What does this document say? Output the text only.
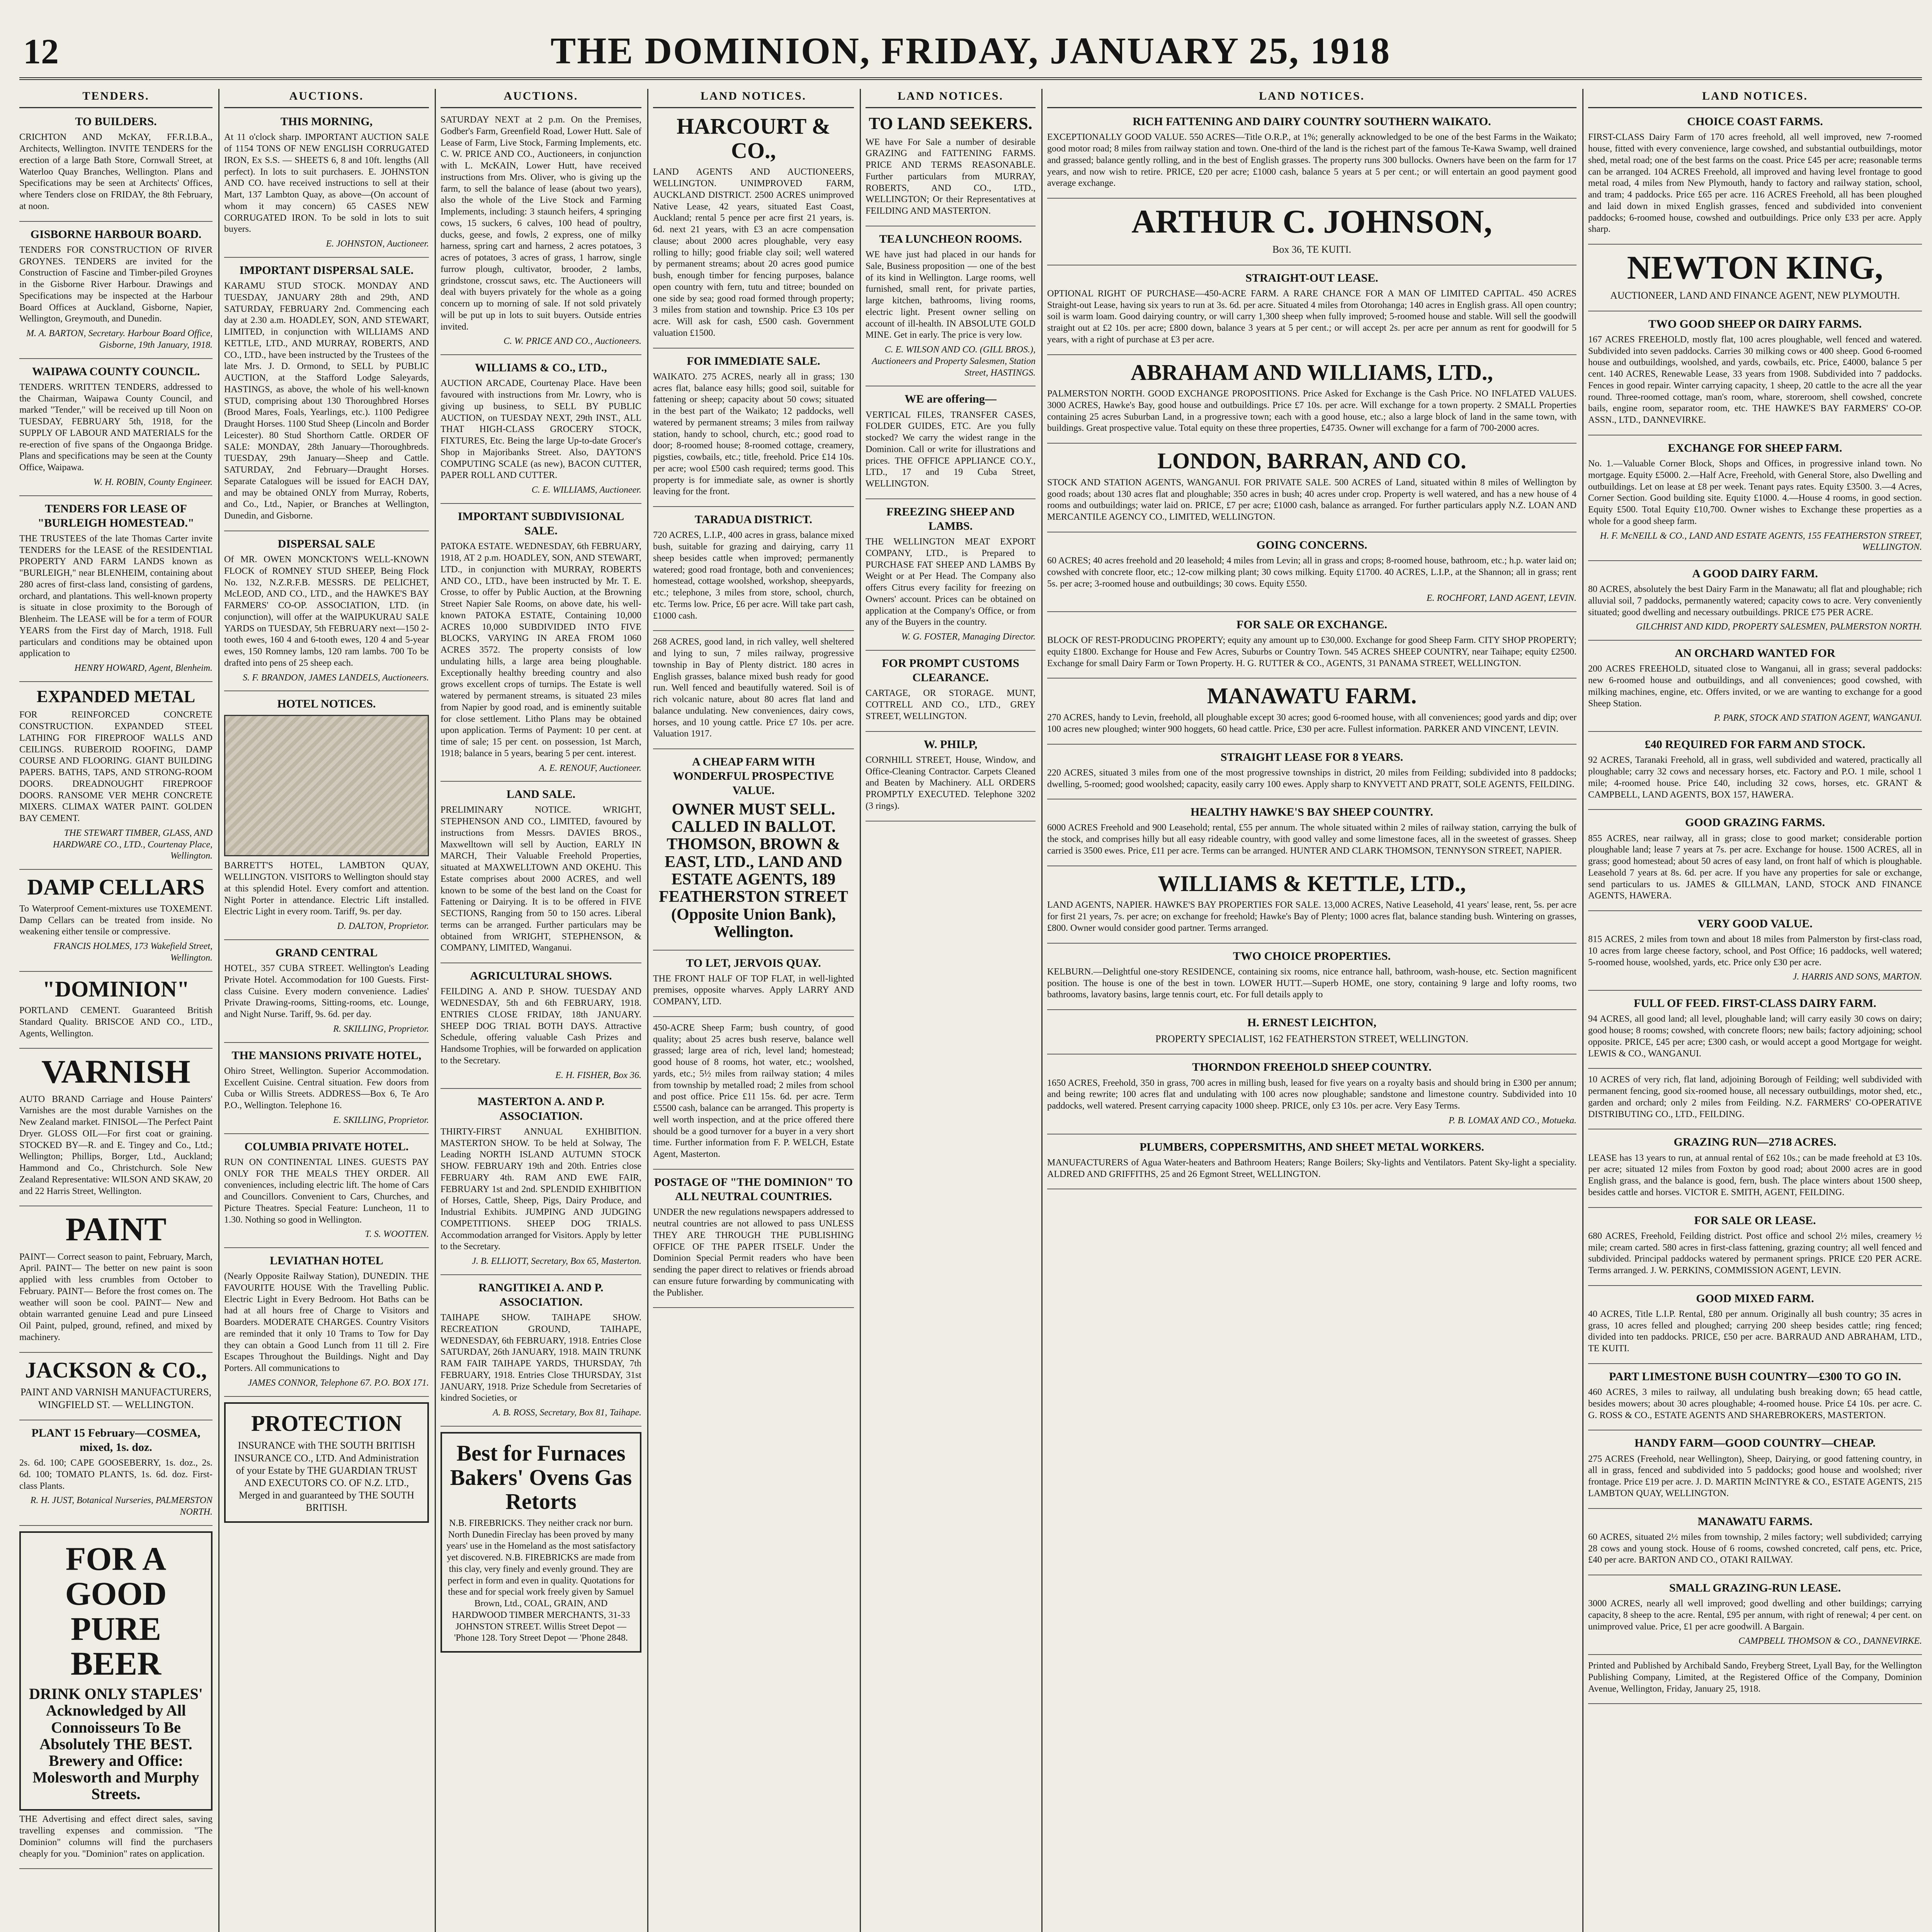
12	THE DOMINION, FRIDAY, JANUARY 25, 1918
TENDERS.
TO BUILDERS.

CRICHTON AND McKAY, FF.R.I.B.A., Architects, Wellington. INVITE TENDERS for the erection of a large Bath Store, Cornwall Street, at Waterloo Quay Branches, Wellington. Plans and Specifications may be seen at Architects' Offices, where Tenders close on FRIDAY, the 8th February, at noon.

GISBORNE HARBOUR BOARD.

TENDERS FOR CONSTRUCTION OF RIVER GROYNES. TENDERS are invited for the Construction of Fascine and Timber-piled Groynes in the Gisborne River Harbour. Drawings and Specifications may be inspected at the Harbour Board Offices at Auckland, Gisborne, Napier, Wellington, Greymouth, and Dunedin.

M. A. BARTON, Secretary. Harbour Board Office, Gisborne, 19th January, 1918.
WAIPAWA COUNTY COUNCIL.

TENDERS. WRITTEN TENDERS, addressed to the Chairman, Waipawa County Council, and marked "Tender," will be received up till Noon on TUESDAY, FEBRUARY 5th, 1918, for the SUPPLY OF LABOUR AND MATERIALS for the re-erection of five spans of the Ongaonga Bridge. Plans and specifications may be seen at the County Office, Waipawa.

W. H. ROBIN, County Engineer.
TENDERS FOR LEASE OF "BURLEIGH HOMESTEAD."

THE TRUSTEES of the late Thomas Carter invite TENDERS for the LEASE of the RESIDENTIAL PROPERTY AND FARM LANDS known as "BURLEIGH," near BLENHEIM, containing about 280 acres of first-class land, consisting of gardens, orchard, and plantations. This well-known property is situate in close proximity to the Borough of Blenheim. The LEASE will be for a term of FOUR YEARS from the First day of March, 1918. Full particulars and conditions may be obtained upon application to

HENRY HOWARD, Agent, Blenheim.
EXPANDED METAL

FOR REINFORCED CONCRETE CONSTRUCTION. EXPANDED STEEL LATHING FOR FIREPROOF WALLS AND CEILINGS. RUBEROID ROOFING, DAMP COURSE AND FLOORING. GIANT BUILDING PAPERS. BATHS, TAPS, AND STRONG-ROOM DOORS. DREADNOUGHT FIREPROOF DOORS. RANSOME VER MEHR CONCRETE MIXERS. CLIMAX WATER PAINT. GOLDEN BAY CEMENT.

THE STEWART TIMBER, GLASS, AND HARDWARE CO., LTD., Courtenay Place, Wellington.
DAMP CELLARS

To Waterproof Cement-mixtures use TOXEMENT. Damp Cellars can be treated from inside. No weakening either tensile or compressive.

FRANCIS HOLMES, 173 Wakefield Street, Wellington.
"DOMINION"

PORTLAND CEMENT. Guaranteed British Standard Quality. BRISCOE AND CO., LTD., Agents, Wellington.

VARNISH

AUTO BRAND Carriage and House Painters' Varnishes are the most durable Varnishes on the New Zealand market. FINISOL—The Perfect Paint Dryer. GLOSS OIL—For first coat or graining. STOCKED BY—R. and E. Tingey and Co., Ltd.; Wellington; Phillips, Borger, Ltd., Auckland; Hammond and Co., Christchurch. Sole New Zealand Representative: WILSON AND SKAW, 20 and 22 Harris Street, Wellington.

PAINT

PAINT— Correct season to paint, February, March, April. PAINT— The better on new paint is soon applied with less crumbles from October to February. PAINT— Before the frost comes on. The weather will soon be cool. PAINT— New and obtain warranted genuine Lead and pure Linseed Oil Paint, pulped, ground, refined, and mixed by machinery.

JACKSON & CO.,

PAINT AND VARNISH MANUFACTURERS, WINGFIELD ST. — WELLINGTON.

PLANT 15 February—COSMEA, mixed, 1s. doz.

2s. 6d. 100; CAPE GOOSEBERRY, 1s. doz., 2s. 6d. 100; TOMATO PLANTS, 1s. 6d. doz. First-class Plants.

R. H. JUST, Botanical Nurseries, PALMERSTON NORTH.
FOR A GOOD PURE BEER

DRINK ONLY STAPLES' Acknowledged by All Connoisseurs To Be Absolutely THE BEST. Brewery and Office: Molesworth and Murphy Streets.

THE Advertising and effect direct sales, saving travelling expenses and commission. "The Dominion" columns will find the purchasers cheaply for you. "Dominion" rates on application.

AUCTIONS.
THIS MORNING,

At 11 o'clock sharp. IMPORTANT AUCTION SALE of 1154 TONS OF NEW ENGLISH CORRUGATED IRON, Ex S.S. — SHEETS 6, 8 and 10ft. lengths (All perfect). In lots to suit purchasers. E. JOHNSTON AND CO. have received instructions to sell at their Mart, 137 Lambton Quay, as above—(On account of whom it may concern) 65 CASES NEW CORRUGATED IRON. To be sold in lots to suit buyers.

E. JOHNSTON, Auctioneer.
IMPORTANT DISPERSAL SALE.

KARAMU STUD STOCK. MONDAY AND TUESDAY, JANUARY 28th and 29th, AND SATURDAY, FEBRUARY 2nd. Commencing each day at 2.30 a.m. HOADLEY, SON, AND STEWART, LIMITED, in conjunction with WILLIAMS AND KETTLE, LTD., AND MURRAY, ROBERTS, AND CO., LTD., have been instructed by the Trustees of the late Mrs. J. D. Ormond, to SELL by PUBLIC AUCTION, at the Stafford Lodge Saleyards, HASTINGS, as above, the whole of his well-known STUD, comprising about 130 Thoroughbred Horses (Brood Mares, Foals, Yearlings, etc.). 1100 Pedigree Draught Horses. 1100 Stud Sheep (Lincoln and Border Leicester). 80 Stud Shorthorn Cattle. ORDER OF SALE: MONDAY, 28th January—Thoroughbreds. TUESDAY, 29th January—Sheep and Cattle. SATURDAY, 2nd February—Draught Horses. Separate Catalogues will be issued for EACH DAY, and may be obtained ONLY from Murray, Roberts, and Co., Ltd., Napier, or Branches at Wellington, Dunedin, and Gisborne.

DISPERSAL SALE

Of MR. OWEN MONCKTON'S WELL-KNOWN FLOCK of ROMNEY STUD SHEEP, Being Flock No. 132, N.Z.R.F.B. MESSRS. DE PELICHET, McLEOD, AND CO., LTD., and the HAWKE'S BAY FARMERS' CO-OP. ASSOCIATION, LTD. (in conjunction), will offer at the WAIPUKURAU SALE YARDS on TUESDAY, 5th FEBRUARY next—150 2-tooth ewes, 160 4 and 6-tooth ewes, 120 4 and 5-year ewes, 150 Romney lambs, 120 ram lambs. 700 To be drafted into pens of 25 sheep each.

S. F. BRANDON, JAMES LANDELS, Auctioneers.
HOTEL NOTICES.

BARRETT'S HOTEL, LAMBTON QUAY, WELLINGTON. VISITORS to Wellington should stay at this splendid Hotel. Every comfort and attention. Night Porter in attendance. Electric Lift installed. Electric Light in every room. Tariff, 9s. per day.

D. DALTON, Proprietor.
GRAND CENTRAL

HOTEL, 357 CUBA STREET. Wellington's Leading Private Hotel. Accommodation for 100 Guests. First-class Cuisine. Every modern convenience. Ladies' Private Drawing-rooms, Sitting-rooms, etc. Lounge, and Night Nurse. Tariff, 9s. 6d. per day.

R. SKILLING, Proprietor.
THE MANSIONS PRIVATE HOTEL,

Ohiro Street, Wellington. Superior Accommodation. Excellent Cuisine. Central situation. Few doors from Cuba or Willis Streets. ADDRESS—Box 6, Te Aro P.O., Wellington. Telephone 16.

E. SKILLING, Proprietor.
COLUMBIA PRIVATE HOTEL.

RUN ON CONTINENTAL LINES. GUESTS PAY ONLY FOR THE MEALS THEY ORDER. All conveniences, including electric lift. The home of Cars and Councillors. Convenient to Cars, Churches, and Picture Theatres. Special Feature: Luncheon, 11 to 1.30. Nothing so good in Wellington.

T. S. WOOTTEN.
LEVIATHAN HOTEL

(Nearly Opposite Railway Station), DUNEDIN. THE FAVOURITE HOUSE With the Travelling Public. Electric Light in Every Bedroom. Hot Baths can be had at all hours free of Charge to Visitors and Boarders. MODERATE CHARGES. Country Visitors are reminded that it only 10 Trams to Tow for Day they can obtain a Good Lunch from 11 till 2. Fire Escapes Throughout the Buildings. Night and Day Porters. All communications to

JAMES CONNOR, Telephone 67. P.O. BOX 171.
PROTECTION

INSURANCE with THE SOUTH BRITISH INSURANCE CO., LTD. And Administration of your Estate by THE GUARDIAN TRUST AND EXECUTORS CO. OF N.Z. LTD., Merged in and guaranteed by THE SOUTH BRITISH.

AUCTIONS.

SATURDAY NEXT at 2 p.m. On the Premises, Godber's Farm, Greenfield Road, Lower Hutt. Sale of Lease of Farm, Live Stock, Farming Implements, etc. C. W. PRICE AND CO., Auctioneers, in conjunction with L. McKAIN, Lower Hutt, have received instructions from Mrs. Oliver, who is giving up the farm, to sell the balance of lease (about two years), also the whole of the Live Stock and Farming Implements, including: 3 staunch heifers, 4 springing cows, 15 suckers, 6 calves, 100 head of poultry, ducks, geese, and fowls, 2 express, one of milky harness, spring cart and harness, 2 acres potatoes, 3 acres of potatoes, 3 acres of grass, 1 harrow, single furrow plough, cultivator, brooder, 2 lambs, grindstone, crosscut saws, etc. The Auctioneers will deal with buyers privately for the whole as a going concern up to morning of sale. If not sold privately will be put up in lots to suit buyers. Outside entries invited.

C. W. PRICE AND CO., Auctioneers.
WILLIAMS & CO., LTD.,

AUCTION ARCADE, Courtenay Place. Have been favoured with instructions from Mr. Lowry, who is giving up business, to SELL BY PUBLIC AUCTION, on TUESDAY NEXT, 29th INST., ALL THAT HIGH-CLASS GROCERY STOCK, FIXTURES, Etc. Being the large Up-to-date Grocer's Shop in Majoribanks Street. Also, DAYTON'S COMPUTING SCALE (as new), BACON CUTTER, PAPER ROLL AND CUTTER.

C. E. WILLIAMS, Auctioneer.
IMPORTANT SUBDIVISIONAL SALE.

PATOKA ESTATE. WEDNESDAY, 6th FEBRUARY, 1918, AT 2 p.m. HOADLEY, SON, AND STEWART, LTD., in conjunction with MURRAY, ROBERTS AND CO., LTD., have been instructed by Mr. T. E. Crosse, to offer by Public Auction, at the Browning Street Napier Sale Rooms, on above date, his well-known PATOKA ESTATE, Containing 10,000 ACRES 10,000 SUBDIVIDED INTO FIVE BLOCKS, VARYING IN AREA FROM 1060 ACRES 3572. The property consists of low undulating hills, a large area being ploughable. Exceptionally healthy breeding country and also grows excellent crops of turnips. The Estate is well watered by permanent streams, is situated 23 miles from Napier by good road, and is eminently suitable for close settlement. Litho Plans may be obtained upon application. Terms of Payment: 10 per cent. at time of sale; 15 per cent. on possession, 1st March, 1918; balance in 5 years, bearing 5 per cent. interest.

A. E. RENOUF, Auctioneer.
LAND SALE.

PRELIMINARY NOTICE. WRIGHT, STEPHENSON AND CO., LIMITED, favoured by instructions from Messrs. DAVIES BROS., Maxwelltown will sell by Auction, EARLY IN MARCH, Their Valuable Freehold Properties, situated at MAXWELLTOWN AND OKEHU. This Estate comprises about 2000 ACRES, and well known to be some of the best land on the Coast for Fattening or Dairying. It is to be offered in FIVE SECTIONS, Ranging from 50 to 150 acres. Liberal terms can be arranged. Further particulars may be obtained from WRIGHT, STEPHENSON, & COMPANY, LIMITED, Wanganui.

AGRICULTURAL SHOWS.

FEILDING A. AND P. SHOW. TUESDAY AND WEDNESDAY, 5th and 6th FEBRUARY, 1918. ENTRIES CLOSE FRIDAY, 18th JANUARY. SHEEP DOG TRIAL BOTH DAYS. Attractive Schedule, offering valuable Cash Prizes and Handsome Trophies, will be forwarded on application to the Secretary.

E. H. FISHER, Box 36.
MASTERTON A. AND P. ASSOCIATION.

THIRTY-FIRST ANNUAL EXHIBITION. MASTERTON SHOW. To be held at Solway, The Leading NORTH ISLAND AUTUMN STOCK SHOW. FEBRUARY 19th and 20th. Entries close FEBRUARY 4th. RAM AND EWE FAIR, FEBRUARY 1st and 2nd. SPLENDID EXHIBITION of Horses, Cattle, Sheep, Pigs, Dairy Produce, and Industrial Exhibits. JUMPING AND JUDGING COMPETITIONS. SHEEP DOG TRIALS. Accommodation arranged for Visitors. Apply by letter to the Secretary.

J. B. ELLIOTT, Secretary, Box 65, Masterton.
RANGITIKEI A. AND P. ASSOCIATION.

TAIHAPE SHOW. TAIHAPE SHOW. RECREATION GROUND, TAIHAPE, WEDNESDAY, 6th FEBRUARY, 1918. Entries Close SATURDAY, 26th JANUARY, 1918. MAIN TRUNK RAM FAIR TAIHAPE YARDS, THURSDAY, 7th FEBRUARY, 1918. Entries Close THURSDAY, 31st JANUARY, 1918. Prize Schedule from Secretaries of kindred Societies, or

A. B. ROSS, Secretary, Box 81, Taihape.
Best for Furnaces Bakers' Ovens Gas Retorts

N.B. FIREBRICKS. They neither crack nor burn. North Dunedin Fireclay has been proved by many years' use in the Homeland as the most satisfactory yet discovered. N.B. FIREBRICKS are made from this clay, very finely and evenly ground. They are perfect in form and even in quality. Quotations for these and for special work freely given by Samuel Brown, Ltd., COAL, GRAIN, AND HARDWOOD TIMBER MERCHANTS, 31-33 JOHNSTON STREET. Willis Street Depot — 'Phone 128. Tory Street Depot — 'Phone 2848.

LAND NOTICES.
HARCOURT & CO.,

LAND AGENTS AND AUCTIONEERS, WELLINGTON. UNIMPROVED FARM, AUCKLAND DISTRICT. 2500 ACRES unimproved Native Lease, 42 years, situated East Coast, Auckland; rental 5 pence per acre first 21 years, is. 6d. next 21 years, with £3 an acre compensation clause; about 2000 acres ploughable, very easy rolling to hilly; good friable clay soil; well watered by permanent streams; about 20 acres good pumice bush, enough timber for fencing purposes, balance open country with fern, tutu and titree; bounded on one side by sea; good road formed through property; 3 miles from station and township. Price £3 10s per acre. Will ask for cash, £500 cash. Government valuation £1500.

FOR IMMEDIATE SALE.

WAIKATO. 275 ACRES, nearly all in grass; 130 acres flat, balance easy hills; good soil, suitable for fattening or sheep; capacity about 50 cows; situated in the best part of the Waikato; 12 paddocks, well watered by permanent streams; 3 miles from railway station, handy to school, church, etc.; good road to door; 8-roomed house; 8-roomed cottage, creamery, pigsties, cowbails, etc.; title, freehold. Price £14 10s. per acre; wool £500 cash required; terms good. This property is for immediate sale, as owner is shortly leaving for the front.

TARADUA DISTRICT.

720 ACRES, L.I.P., 400 acres in grass, balance mixed bush, suitable for grazing and dairying, carry 11 sheep besides cattle when improved; permanently watered; good road frontage, both and conveniences; homestead, cottage woolshed, workshop, sheepyards, etc.; telephone, 3 miles from store, school, church, etc. Terms low. Price, £6 per acre. Will take part cash, £1000 cash.

268 ACRES, good land, in rich valley, well sheltered and lying to sun, 7 miles railway, progressive township in Bay of Plenty district. 180 acres in English grasses, balance mixed bush ready for good run. Well fenced and beautifully watered. Soil is of rich volcanic nature, about 80 acres flat land and balance undulating. New conveniences, dairy cows, horses, and 10 young cattle. Price £7 10s. per acre. Valuation 1917.

A CHEAP FARM WITH WONDERFUL PROSPECTIVE VALUE.

OWNER MUST SELL. CALLED IN BALLOT. THOMSON, BROWN & EAST, LTD., LAND AND ESTATE AGENTS, 189 FEATHERSTON STREET (Opposite Union Bank), Wellington.

TO LET, JERVOIS QUAY.

THE FRONT HALF OF TOP FLAT, in well-lighted premises, opposite wharves. Apply LARRY AND COMPANY, LTD.

450-ACRE Sheep Farm; bush country, of good quality; about 25 acres bush reserve, balance well grassed; large area of rich, level land; homestead; good house of 8 rooms, hot water, etc.; woolshed, yards, etc.; 5½ miles from railway station; 4 miles from township by metalled road; 2 miles from school and post office. Price £11 15s. 6d. per acre. Term £5500 cash, balance can be arranged. This property is well worth inspection, and at the price offered there should be a good turnover for a buyer in a very short time. Further information from F. P. WELCH, Estate Agent, Masterton.

POSTAGE OF "THE DOMINION" TO ALL NEUTRAL COUNTRIES.

UNDER the new regulations newspapers addressed to neutral countries are not allowed to pass UNLESS THEY ARE THROUGH THE PUBLISHING OFFICE OF THE PAPER ITSELF. Under the Dominion Special Permit readers who have been sending the paper direct to relatives or friends abroad can ensure future forwarding by communicating with the Publisher.

LAND NOTICES.
TO LAND SEEKERS.

WE have For Sale a number of desirable GRAZING and FATTENING FARMS. PRICE AND TERMS REASONABLE. Further particulars from MURRAY, ROBERTS, AND CO., LTD., WELLINGTON; Or their Representatives at FEILDING AND MASTERTON.

TEA LUNCHEON ROOMS.

WE have just had placed in our hands for Sale, Business proposition — one of the best of its kind in Wellington. Large rooms, well furnished, small rent, for private parties, large kitchen, bathrooms, living rooms, electric light. Present owner selling on account of ill-health. IN ABSOLUTE GOLD MINE. Get in early. The price is very low.

C. E. WILSON AND CO. (GILL BROS.), Auctioneers and Property Salesmen, Station Street, HASTINGS.
WE are offering—

VERTICAL FILES, TRANSFER CASES, FOLDER GUIDES, ETC. Are you fully stocked? We carry the widest range in the Dominion. Call or write for illustrations and prices. THE OFFICE APPLIANCE CO.Y., LTD., 17 and 19 Cuba Street, WELLINGTON.

FREEZING SHEEP AND LAMBS.

THE WELLINGTON MEAT EXPORT COMPANY, LTD., is Prepared to PURCHASE FAT SHEEP AND LAMBS By Weight or at Per Head. The Company also offers Citrus every facility for freezing on Owners' account. Prices can be obtained on application at the Company's Office, or from any of the Buyers in the country.

W. G. FOSTER, Managing Director.
FOR PROMPT CUSTOMS CLEARANCE.

CARTAGE, OR STORAGE. MUNT, COTTRELL AND CO., LTD., GREY STREET, WELLINGTON.

W. PHILP,

CORNHILL STREET, House, Window, and Office-Cleaning Contractor. Carpets Cleaned and Beaten by Machinery. ALL ORDERS PROMPTLY EXECUTED. Telephone 3202 (3 rings).

LAND NOTICES.
RICH FATTENING AND DAIRY COUNTRY SOUTHERN WAIKATO.

EXCEPTIONALLY GOOD VALUE. 550 ACRES—Title O.R.P., at 1%; generally acknowledged to be one of the best Farms in the Waikato; good motor road; 8 miles from railway station and town. One-third of the land is the richest part of the famous Te-Kawa Swamp, well drained and grassed; balance gently rolling, and in the best of English grasses. The property runs 300 bullocks. Owners have been on the farm for 17 years, and now wish to retire. PRICE, £20 per acre; £1000 cash, balance 5 years at 5 per cent.; or will entertain an good payment good average exchange.

ARTHUR C. JOHNSON,

Box 36, TE KUITI.

STRAIGHT-OUT LEASE.

OPTIONAL RIGHT OF PURCHASE—450-ACRE FARM. A RARE CHANCE FOR A MAN OF LIMITED CAPITAL. 450 ACRES Straight-out Lease, having six years to run at 3s. 6d. per acre. Situated 4 miles from Otorohanga; 140 acres in English grass. All open country; soil is warm loam. Good dairying country, or will carry 1,300 sheep when fully improved; 5-roomed house and stable. Will sell the goodwill straight out at £2 10s. per acre; £800 down, balance 3 years at 5 per cent.; or will accept 2s. per acre per annum as rent for goodwill for 5 years, with a right of purchase at £3 per acre.

ABRAHAM AND WILLIAMS, LTD.,

PALMERSTON NORTH. GOOD EXCHANGE PROPOSITIONS. Price Asked for Exchange is the Cash Price. NO INFLATED VALUES. 3000 ACRES, Hawke's Bay, good house and outbuildings. Price £7 10s. per acre. Will exchange for a town property. 2 SMALL Properties containing 25 acres Suburban Land, in a progressive town; each with a good house, etc.; also a large block of land in the same town, with buildings. Great prospective value. Total equity on these three properties, £4735. Owner will exchange for a farm of 700-2000 acres.

LONDON, BARRAN, AND CO.

STOCK AND STATION AGENTS, WANGANUI. FOR PRIVATE SALE. 500 ACRES of Land, situated within 8 miles of Wellington by good roads; about 130 acres flat and ploughable; 350 acres in bush; 40 acres under crop. Property is well watered, and has a new house of 4 rooms and outbuildings; water laid on. PRICE, £7 per acre; £1000 cash, balance as arranged. For further particulars apply N.Z. LOAN AND MERCANTILE AGENCY CO., LIMITED, WELLINGTON.

GOING CONCERNS.

60 ACRES; 40 acres freehold and 20 leasehold; 4 miles from Levin; all in grass and crops; 8-roomed house, bathroom, etc.; h.p. water laid on; cowshed with concrete floor, etc.; 12-cow milking plant; 30 cows milking. Equity £1700. 40 ACRES, L.I.P., at the Shannon; all in grass; rent 5s. per acre; 3-roomed house and outbuildings; 30 cows. Equity £550.

E. ROCHFORT, LAND AGENT, LEVIN.
FOR SALE OR EXCHANGE.

BLOCK OF REST-PRODUCING PROPERTY; equity any amount up to £30,000. Exchange for good Sheep Farm. CITY SHOP PROPERTY; equity £1800. Exchange for House and Few Acres, Suburbs or Country Town. 545 ACRES SHEEP COUNTRY, near Taihape; equity £2500. Exchange for small Dairy Farm or Town Property. H. G. RUTTER & CO., AGENTS, 31 PANAMA STREET, WELLINGTON.

MANAWATU FARM.

270 ACRES, handy to Levin, freehold, all ploughable except 30 acres; good 6-roomed house, with all conveniences; good yards and dip; over 100 acres new ploughed; winter 900 hoggets, 60 head cattle. Price, £30 per acre. Fullest information. PARKER AND VINCENT, LEVIN.

STRAIGHT LEASE FOR 8 YEARS.

220 ACRES, situated 3 miles from one of the most progressive townships in district, 20 miles from Feilding; subdivided into 8 paddocks; dwelling, 5-roomed; good woolshed; capacity, easily carry 100 ewes. Apply sharp to KNYVETT AND PRATT, SOLE AGENTS, FEILDING.

HEALTHY HAWKE'S BAY SHEEP COUNTRY.

6000 ACRES Freehold and 900 Leasehold; rental, £55 per annum. The whole situated within 2 miles of railway station, carrying the bulk of the stock, and comprises hilly but all easy rideable country, with good valley and some limestone faces, all in the sweetest of grasses. Sheep carried is 3500 ewes. Price, £11 per acre. Terms can be arranged. HUNTER AND CLARK THOMSON, TENNYSON STREET, NAPIER.

WILLIAMS & KETTLE, LTD.,

LAND AGENTS, NAPIER. HAWKE'S BAY PROPERTIES FOR SALE. 13,000 ACRES, Native Leasehold, 41 years' lease, rent, 5s. per acre for first 21 years, 7s. per acre; on exchange for freehold; Hawke's Bay of Plenty; 1000 acres flat, balance standing bush. Wintering on grasses, £800. Owner would consider good partner. Terms arranged.

TWO CHOICE PROPERTIES.

KELBURN.—Delightful one-story RESIDENCE, containing six rooms, nice entrance hall, bathroom, wash-house, etc. Section magnificent position. The house is one of the best in town. LOWER HUTT.—Superb HOME, one story, containing 9 large and lofty rooms, two bathrooms, lavatory basins, large tennis court, etc. For full details apply to

H. ERNEST LEICHTON,

PROPERTY SPECIALIST, 162 FEATHERSTON STREET, WELLINGTON.

THORNDON FREEHOLD SHEEP COUNTRY.

1650 ACRES, Freehold, 350 in grass, 700 acres in milling bush, leased for five years on a royalty basis and should bring in £300 per annum; and being rewrite; 100 acres flat and undulating with 100 acres now ploughable; sandstone and limestone country. Subdivided into 10 paddocks, well watered. Present carrying capacity 1000 sheep. PRICE, only £3 10s. per acre. Very Easy Terms.

P. B. LOMAX AND CO., Motueka.
PLUMBERS, COPPERSMITHS, AND SHEET METAL WORKERS.

MANUFACTURERS of Agua Water-heaters and Bathroom Heaters; Range Boilers; Sky-lights and Ventilators. Patent Sky-light a speciality. ALDRED AND GRIFFITHS, 25 and 26 Egmont Street, WELLINGTON.

LAND NOTICES.
CHOICE COAST FARMS.

FIRST-CLASS Dairy Farm of 170 acres freehold, all well improved, new 7-roomed house, fitted with every convenience, large cowshed, and substantial outbuildings, motor shed, metal road; one of the best farms on the coast. Price £45 per acre; reasonable terms can be arranged. 104 ACRES Freehold, all improved and having level frontage to good metal road, 4 miles from New Plymouth, handy to factory and railway station, school, and tram; 4 paddocks. Price £65 per acre. 116 ACRES Freehold, all has been ploughed and laid down in mixed English grasses, fenced and subdivided into convenient paddocks; 6-roomed house, cowshed and outbuildings. Price only £33 per acre. Apply sharp.

NEWTON KING,

AUCTIONEER, LAND AND FINANCE AGENT, NEW PLYMOUTH.

TWO GOOD SHEEP OR DAIRY FARMS.

167 ACRES FREEHOLD, mostly flat, 100 acres ploughable, well fenced and watered. Subdivided into seven paddocks. Carries 30 milking cows or 400 sheep. Good 6-roomed house and outbuildings, woolshed, and yards, cowbails, etc. Price, £4000, balance 5 per cent. 140 ACRES, Renewable Lease, 33 years from 1908. Subdivided into 7 paddocks. Fences in good repair. Winter carrying capacity, 1 sheep, 20 cattle to the acre all the year round. Three-roomed cottage, man's room, whare, storeroom, shell cowshed, concrete bails, engine room, separator room, etc. THE HAWKE'S BAY FARMERS' CO-OP. ASSN., LTD., DANNEVIRKE.

EXCHANGE FOR SHEEP FARM.

No. 1.—Valuable Corner Block, Shops and Offices, in progressive inland town. No mortgage. Equity £5000. 2.—Half Acre, Freehold, with General Store, also Dwelling and outbuildings. Let on lease at £8 per week. Tenant pays rates. Equity £3500. 3.—4 Acres, Corner Section. Good building site. Equity £1000. 4.—House 4 rooms, in good section. Equity £500. Total Equity £10,700. Owner wishes to Exchange these properties as a whole for a good sheep farm.

H. F. McNEILL & CO., LAND AND ESTATE AGENTS, 155 FEATHERSTON STREET, WELLINGTON.
A GOOD DAIRY FARM.

80 ACRES, absolutely the best Dairy Farm in the Manawatu; all flat and ploughable; rich alluvial soil, 7 paddocks, permanently watered; capacity cows to acre. Very conveniently situated; good dwelling and necessary outbuildings. PRICE £75 PER ACRE.

GILCHRIST AND KIDD, PROPERTY SALESMEN, PALMERSTON NORTH.
AN ORCHARD WANTED FOR

200 ACRES FREEHOLD, situated close to Wanganui, all in grass; several paddocks: new 6-roomed house and outbuildings, and all conveniences; good cowshed, with milking machines, engine, etc. Offers invited, or we are wanting to exchange for a good Sheep Station.

P. PARK, STOCK AND STATION AGENT, WANGANUI.
£40 REQUIRED FOR FARM AND STOCK.

92 ACRES, Taranaki Freehold, all in grass, well subdivided and watered, practically all ploughable; carry 32 cows and necessary horses, etc. Factory and P.O. 1 mile, school 1 mile; 4-roomed house. Price £40, including 32 cows, horses, etc. GRANT & CAMPBELL, LAND AGENTS, BOX 157, HAWERA.

GOOD GRAZING FARMS.

855 ACRES, near railway, all in grass; close to good market; considerable portion ploughable land; lease 7 years at 7s. per acre. Exchange for house. 1500 ACRES, all in grass; good homestead; about 50 acres of easy land, on front half of which is ploughable. Leasehold 7 years at 8s. 6d. per acre. If you have any properties for sale or exchange, send particulars to us. JAMES & GILLMAN, LAND, STOCK AND FINANCE AGENTS, HAWERA.

VERY GOOD VALUE.

815 ACRES, 2 miles from town and about 18 miles from Palmerston by first-class road, 10 acres from large cheese factory, school, and Post Office; 16 paddocks, well watered; 5-roomed house, woolshed, yards, etc. Price only £30 per acre.

J. HARRIS AND SONS, MARTON.
FULL OF FEED. FIRST-CLASS DAIRY FARM.

94 ACRES, all good land; all level, ploughable land; will carry easily 30 cows on dairy; good house; 8 rooms; cowshed, with concrete floors; new bails; factory adjoining; school opposite. PRICE, £45 per acre; £300 cash, or would accept a good Mortgage for weight. LEWIS & CO., WANGANUI.

10 ACRES of very rich, flat land, adjoining Borough of Feilding; well subdivided with permanent fencing, good six-roomed house, all necessary outbuildings, motor shed, etc., garden and orchard; only 2 miles from Feilding. N.Z. FARMERS' CO-OPERATIVE DISTRIBUTING CO., LTD., FEILDING.

GRAZING RUN—2718 ACRES.

LEASE has 13 years to run, at annual rental of £62 10s.; can be made freehold at £3 10s. per acre; situated 12 miles from Foxton by good road; about 2000 acres are in good English grass, and the balance is good, fern, bush. The place winters about 1500 sheep, besides cattle and horses. VICTOR E. SMITH, AGENT, FEILDING.

FOR SALE OR LEASE.

680 ACRES, Freehold, Feilding district. Post office and school 2½ miles, creamery ½ mile; cream carted. 580 acres in first-class fattening, grazing country; all well fenced and subdivided. Principal paddocks watered by permanent springs. PRICE £20 PER ACRE. Terms arranged. J. W. PERKINS, COMMISSION AGENT, LEVIN.

GOOD MIXED FARM.

40 ACRES, Title L.I.P. Rental, £80 per annum. Originally all bush country; 35 acres in grass, 10 acres felled and ploughed; carrying 200 sheep besides cattle; ring fenced; divided into ten paddocks. PRICE, £50 per acre. BARRAUD AND ABRAHAM, LTD., TE KUITI.

PART LIMESTONE BUSH COUNTRY—£300 TO GO IN.

460 ACRES, 3 miles to railway, all undulating bush breaking down; 65 head cattle, besides mowers; about 30 acres ploughable; 4-roomed house. Price £4 10s. per acre. C. G. ROSS & CO., ESTATE AGENTS AND SHAREBROKERS, MASTERTON.

HANDY FARM—GOOD COUNTRY—CHEAP.

275 ACRES (Freehold, near Wellington), Sheep, Dairying, or good fattening country, in all in grass, fenced and subdivided into 5 paddocks; good house and woolshed; river frontage. Price £19 per acre. J. D. MARTIN McINTYRE & CO., ESTATE AGENTS, 215 LAMBTON QUAY, WELLINGTON.

MANAWATU FARMS.

60 ACRES, situated 2½ miles from township, 2 miles factory; well subdivided; carrying 28 cows and young stock. House of 6 rooms, cowshed concreted, calf pens, etc. Price, £40 per acre. BARTON AND CO., OTAKI RAILWAY.

SMALL GRAZING-RUN LEASE.

3000 ACRES, nearly all well improved; good dwelling and other buildings; carrying capacity, 8 sheep to the acre. Rental, £95 per annum, with right of renewal; 4 per cent. on unimproved value. Price, £1 per acre goodwill. A Bargain.

CAMPBELL THOMSON & CO., DANNEVIRKE.

Printed and Published by Archibald Sando, Freyberg Street, Lyall Bay, for the Wellington Publishing Company, Limited, at the Registered Office of the Company, Dominion Avenue, Wellington, Friday, January 25, 1918.
